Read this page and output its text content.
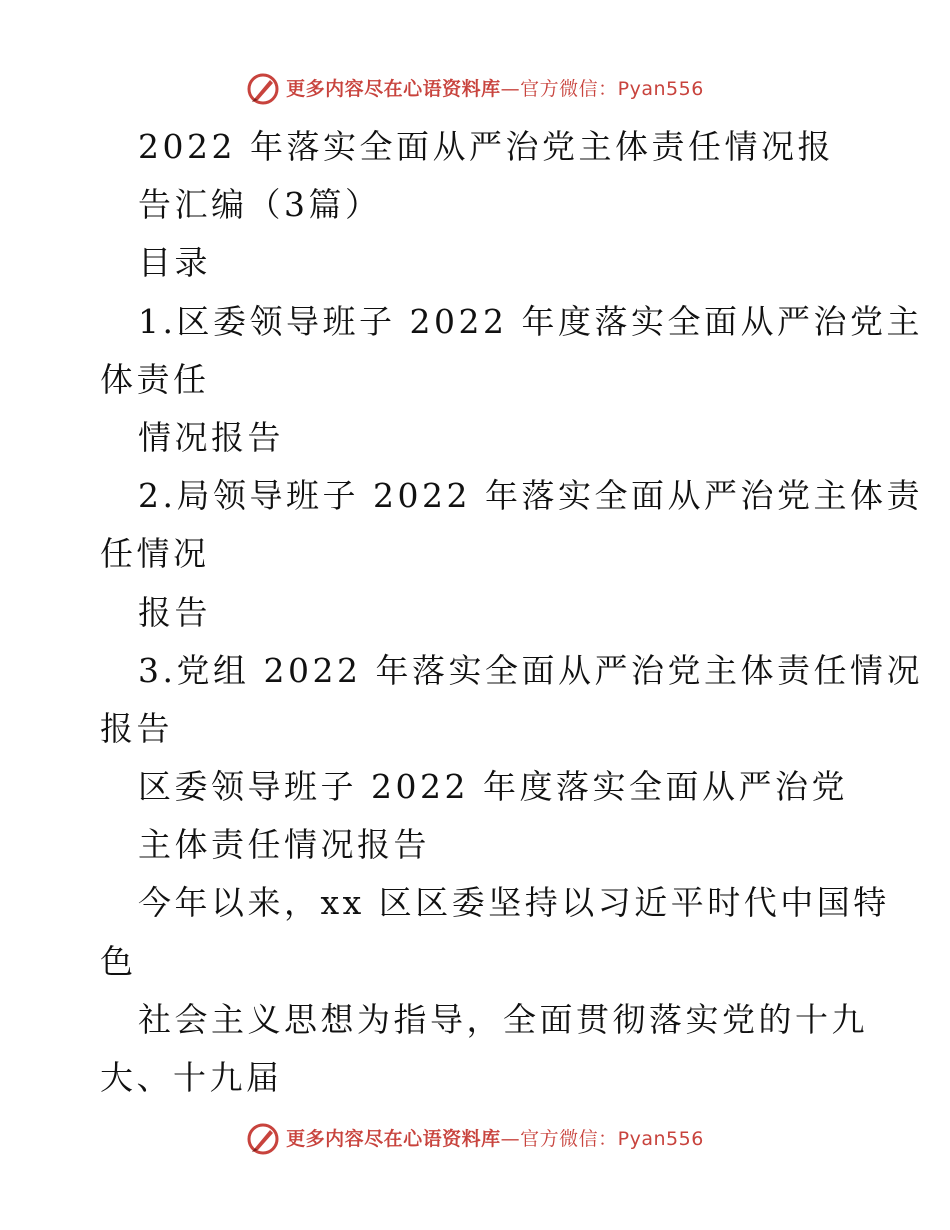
更多内容尽在心语资料库—官方微信：Pyan556
2022 年落实全面从严治党主体责任情况报
告汇编（3篇）
目录
1.区委领导班子 2022 年度落实全面从严治党主
体责任
情况报告
2.局领导班子 2022 年落实全面从严治党主体责
任情况
报告
3.党组 2022 年落实全面从严治党主体责任情况
报告
区委领导班子 2022 年度落实全面从严治党
主体责任情况报告
今年以来，xx 区区委坚持以习近平时代中国特
色
社会主义思想为指导，全面贯彻落实党的十九
大、十九届
更多内容尽在心语资料库—官方微信：Pyan556
